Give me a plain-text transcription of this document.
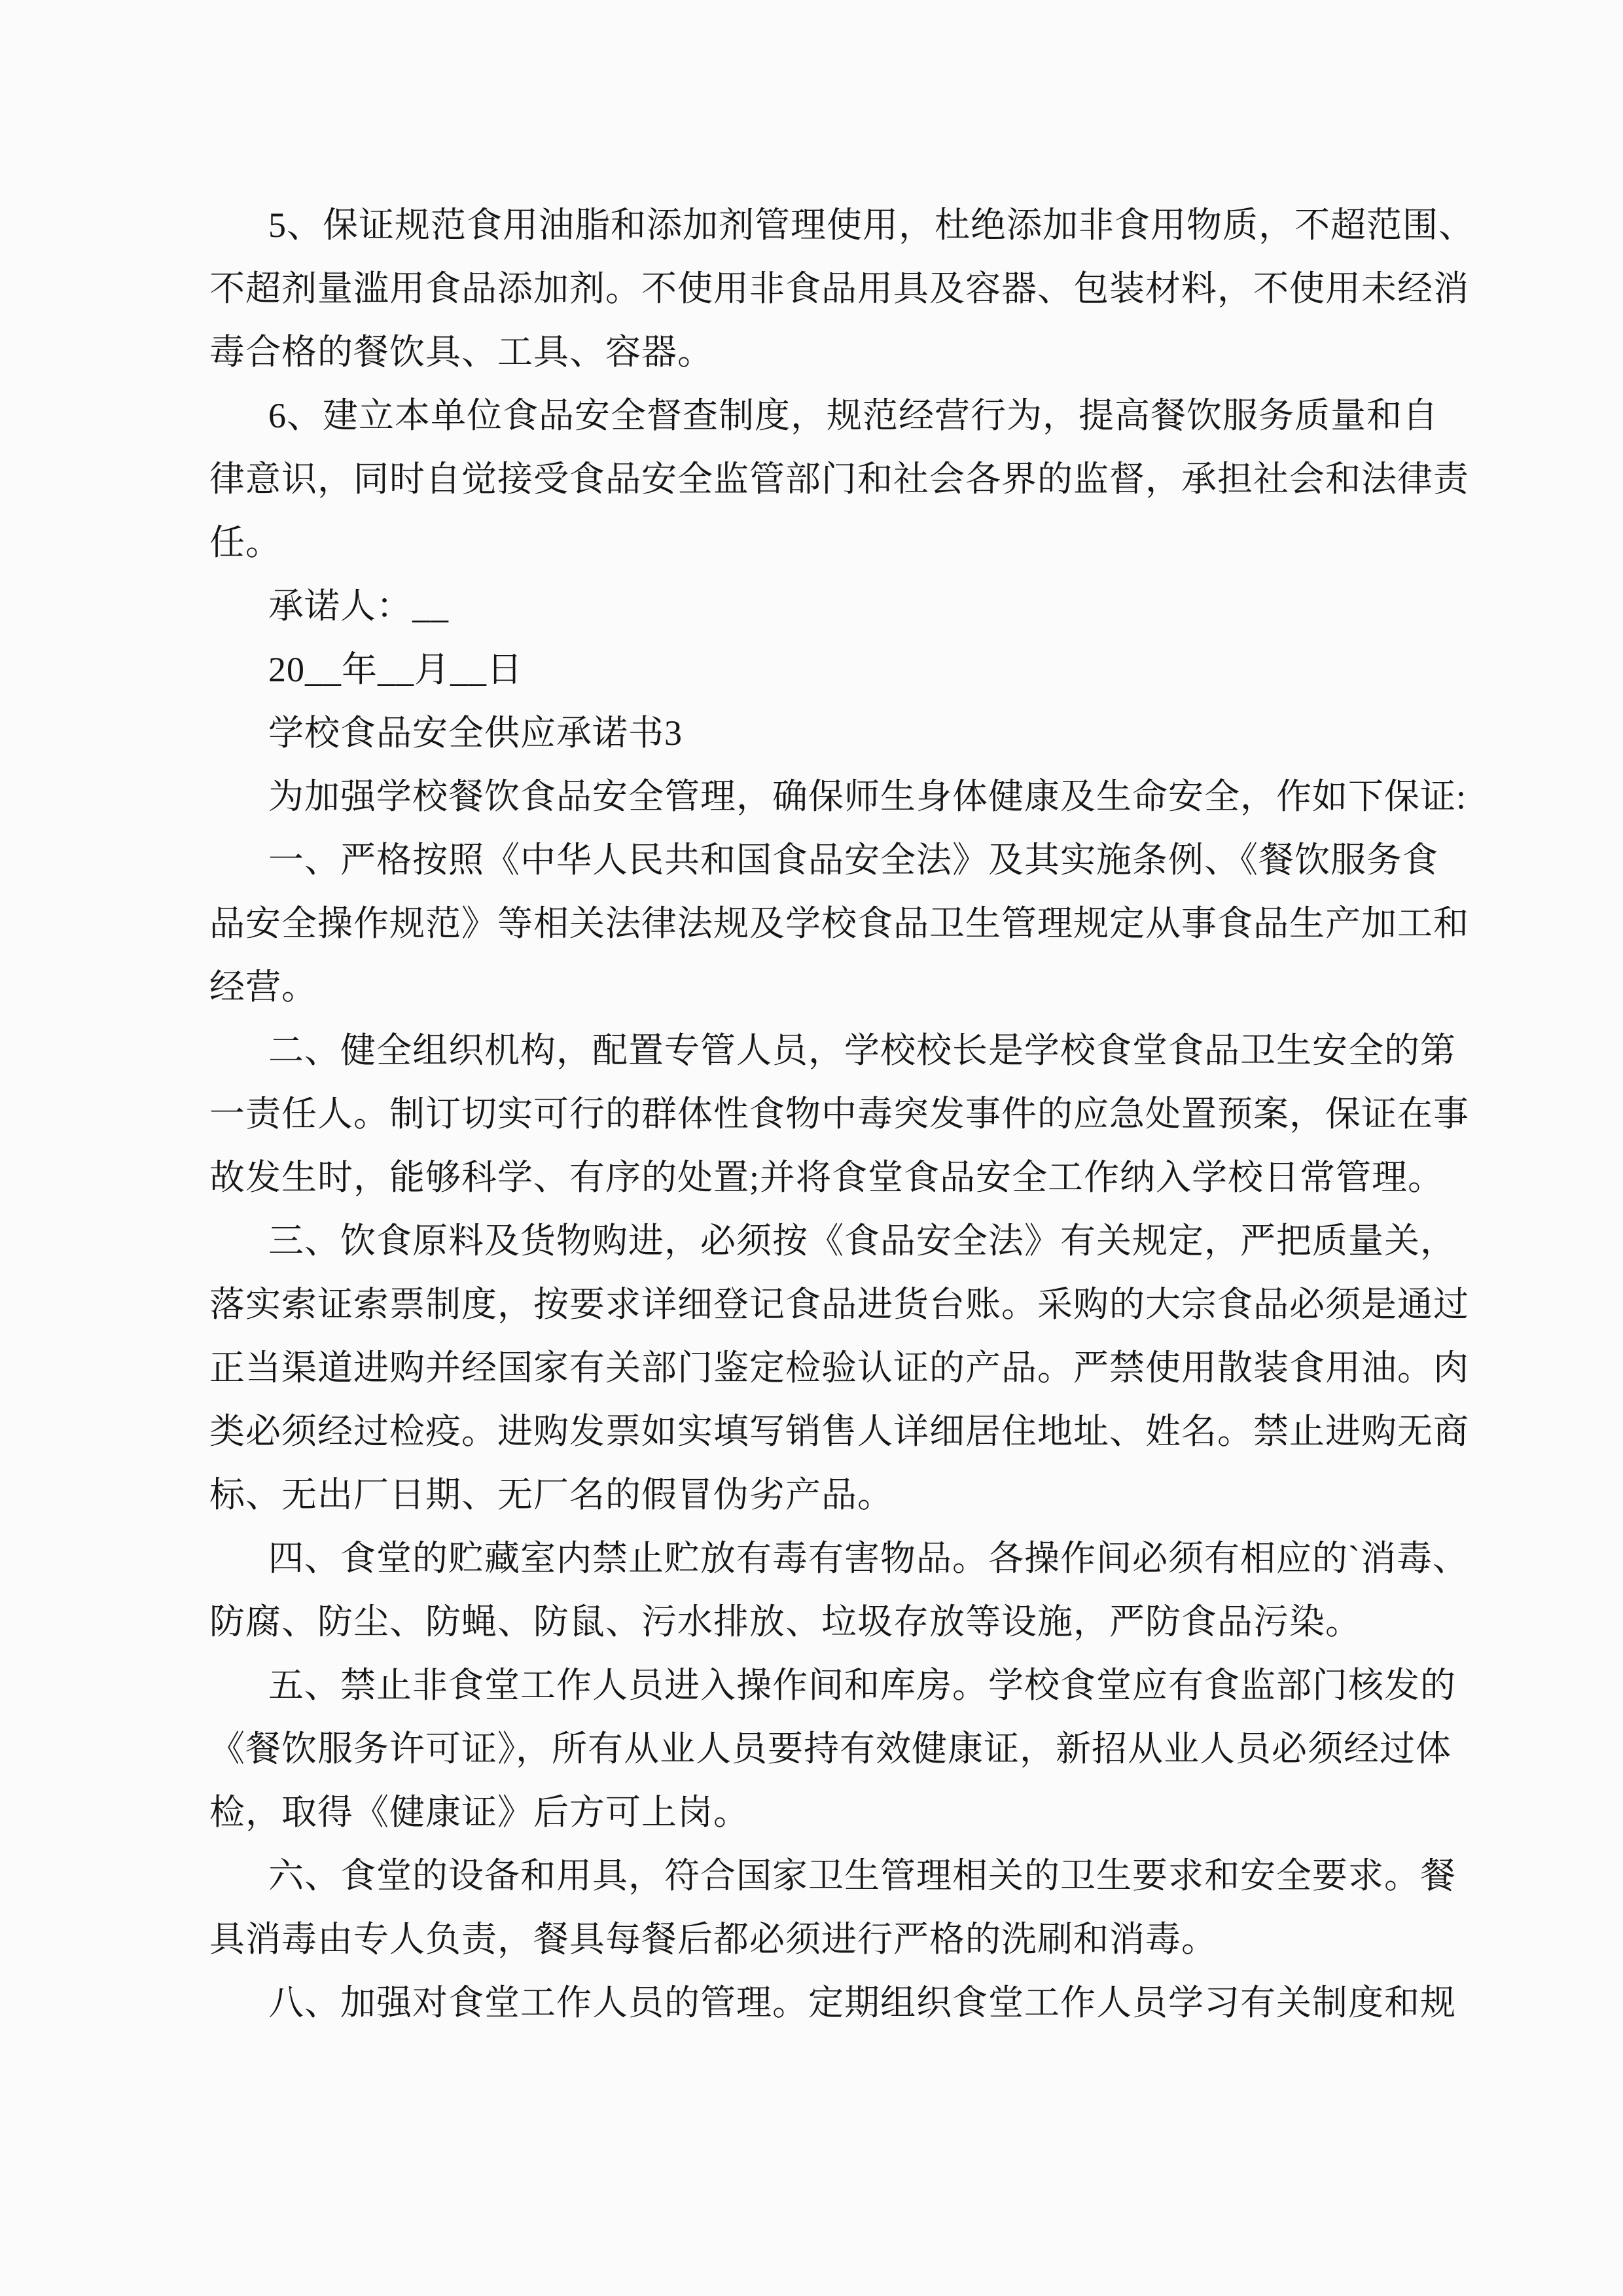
5、保证规范食用油脂和添加剂管理使用，杜绝添加非食用物质，不超范围、
不超剂量滥用食品添加剂。不使用非食品用具及容器、包装材料，不使用未经消
毒合格的餐饮具、工具、容器。
6、建立本单位食品安全督查制度，规范经营行为，提高餐饮服务质量和自
律意识，同时自觉接受食品安全监管部门和社会各界的监督，承担社会和法律责
任。
承诺人：__
20__年__月__日
学校食品安全供应承诺书3
为加强学校餐饮食品安全管理，确保师生身体健康及生命安全，作如下保证:
一、严格按照《中华人民共和国食品安全法》及其实施条例、《餐饮服务食
品安全操作规范》等相关法律法规及学校食品卫生管理规定从事食品生产加工和
经营。
二、健全组织机构，配置专管人员，学校校长是学校食堂食品卫生安全的第
一责任人。制订切实可行的群体性食物中毒突发事件的应急处置预案，保证在事
故发生时，能够科学、有序的处置;并将食堂食品安全工作纳入学校日常管理。
三、饮食原料及货物购进，必须按《食品安全法》有关规定，严把质量关，
落实索证索票制度，按要求详细登记食品进货台账。采购的大宗食品必须是通过
正当渠道进购并经国家有关部门鉴定检验认证的产品。严禁使用散装食用油。肉
类必须经过检疫。进购发票如实填写销售人详细居住地址、姓名。禁止进购无商
标、无出厂日期、无厂名的假冒伪劣产品。
四、食堂的贮藏室内禁止贮放有毒有害物品。各操作间必须有相应的`消毒、
防腐、防尘、防蝇、防鼠、污水排放、垃圾存放等设施，严防食品污染。
五、禁止非食堂工作人员进入操作间和库房。学校食堂应有食监部门核发的
《餐饮服务许可证》，所有从业人员要持有效健康证，新招从业人员必须经过体
检，取得《健康证》后方可上岗。
六、食堂的设备和用具，符合国家卫生管理相关的卫生要求和安全要求。餐
具消毒由专人负责，餐具每餐后都必须进行严格的洗刷和消毒。
八、加强对食堂工作人员的管理。定期组织食堂工作人员学习有关制度和规
